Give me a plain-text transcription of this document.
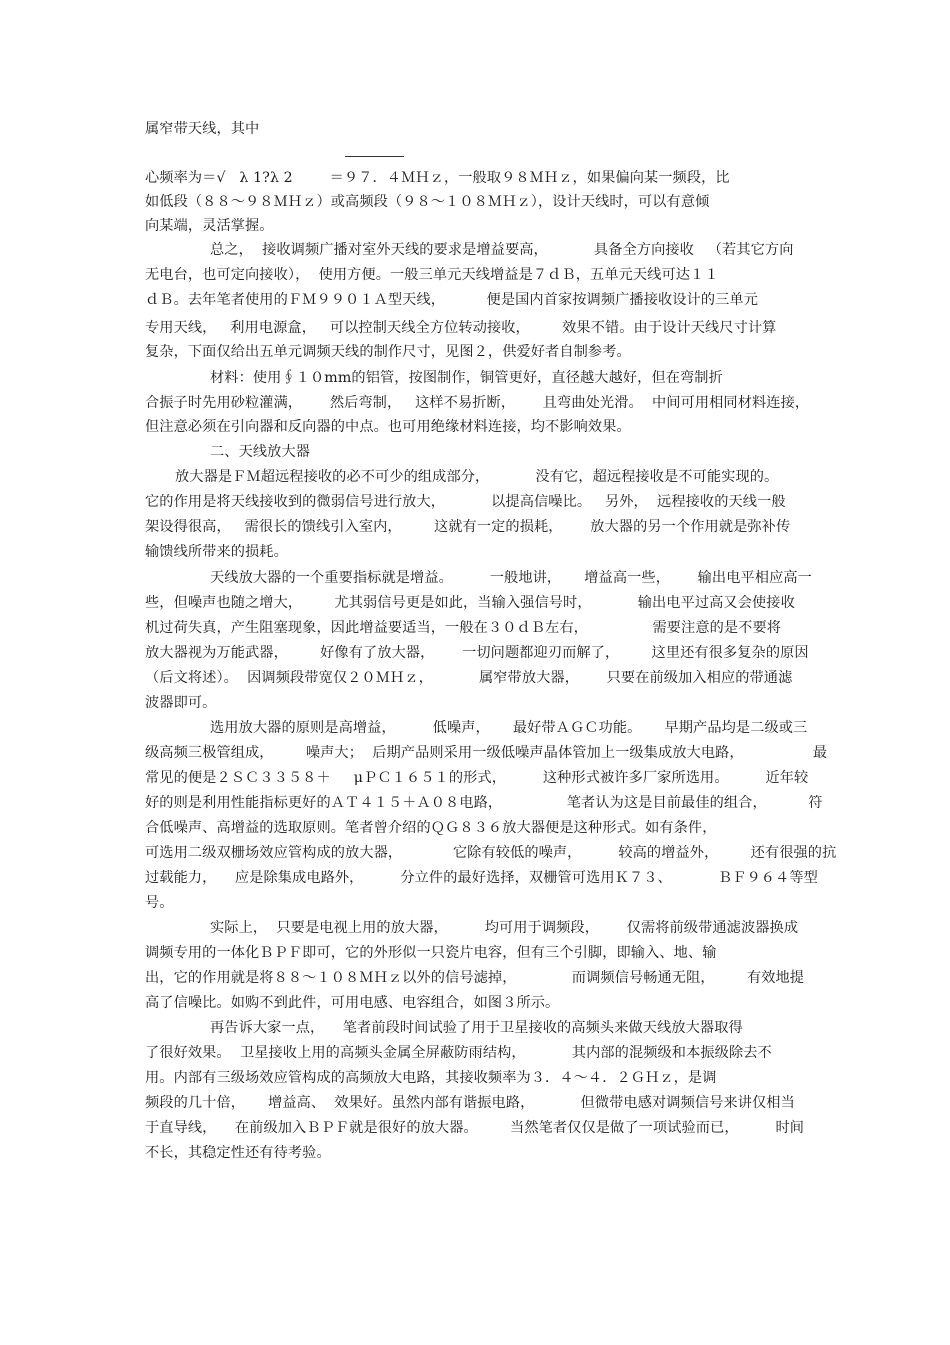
属窄带天线，其中
心频率为＝√   λ 1?λ 2        ＝９７．４ＭＨｚ，一般取９８ＭＨｚ，如果偏向某一频段，比
如低段（８８～９８ＭＨｚ）或高频段（９８～１０８ＭＨｚ），设计天线时，可以有意倾
向某端，灵活掌握。
总之，  接收调频广播对室外天线的要求是增益要高，          具备全方向接收   （若其它方向
无电台，也可定向接收），  使用方便。一般三单元天线增益是７ｄＢ，五单元天线可达１１
ｄＢ。去年笔者使用的ＦＭ９９０１Ａ型天线，         便是国内首家按调频广播接收设计的三单元
专用天线，   利用电源盒，   可以控制天线全方位转动接收，       效果不错。由于设计天线尺寸计算
复杂，下面仅给出五单元调频天线的制作尺寸，见图２，供爱好者自制参考。
材料：使用∮１０mm的铝管，按图制作，铜管更好，直径越大越好，但在弯制折
合振子时先用砂粒灌满，      然后弯制，   这样不易折断，      且弯曲处光滑。  中间可用相同材料连接，
但注意必须在引向器和反向器的中点。也可用绝缘材料连接，均不影响效果。
二、天线放大器
放大器是ＦＭ超远程接收的必不可少的组成部分，          没有它，超远程接收是不可能实现的。
它的作用是将天线接收到的微弱信号进行放大，          以提高信噪比。   另外，  远程接收的天线一般
架设得很高，   需很长的馈线引入室内，       这就有一定的损耗，      放大器的另一个作用就是弥补传
输馈线所带来的损耗。
天线放大器的一个重要指标就是增益。        一般地讲，     增益高一些，      输出电平相应高一
些，但噪声也随之增大，       尤其弱信号更是如此，当输入强信号时，          输出电平过高又会使接收
机过荷失真，产生阻塞现象，因此增益要适当，一般在３０ｄＢ左右，              需要注意的是不要将
放大器视为万能武器，       好像有了放大器，      一切问题都迎刃而解了，       这里还有很多复杂的原因
（后文将述）。  因调频段带宽仅２０ＭＨｚ，          属窄带放大器，      只要在前级加入相应的带通滤
波器即可。
选用放大器的原则是高增益，        低噪声，     最好带ＡＧＣ功能。     早期产品均是二级或三
级高频三极管组成，       噪声大；  后期产品则采用一级低噪声晶体管加上一级集成放大电路，               最
常见的便是２ＳＣ３３５８＋     μＰＣ１６５１的形式，        这种形式被许多厂家所选用。        近年较
好的则是利用性能指标更好的ＡＴ４１５＋Ａ０８电路，              笔者认为这是目前最佳的组合，         符
合低噪声、高增益的选取原则。笔者曾介绍的ＱＧ８３６放大器便是这种形式。如有条件，
可选用二级双栅场效应管构成的放大器，           它除有较低的噪声，        较高的增益外，       还有很强的抗
过载能力，    应是除集成电路外，        分立件的最好选择，双栅管可选用Ｋ７３、          ＢＦ９６４等型
号。
实际上，  只要是电视上用的放大器，        均可用于调频段，      仅需将前级带通滤波器换成
调频专用的一体化ＢＰＦ即可，它的外形似一只瓷片电容，但有三个引脚，即输入、地、输
出，它的作用就是将８８～１０８ＭＨｚ以外的信号滤掉，            而调频信号畅通无阻，       有效地提
高了信噪比。如购不到此件，可用电感、电容组合，如图３所示。
再告诉大家一点，    笔者前段时间试验了用于卫星接收的高频头来做天线放大器取得
了很好效果。  卫星接收上用的高频头金属全屏蔽防雨结构，          其内部的混频级和本振级除去不
用。内部有三级场效应管构成的高频放大电路，其接收频率为３．４～４．２ＧＨｚ，是调
频段的几十倍，     增益高、  效果好。虽然内部有谐振电路，          但微带电感对调频信号来讲仅相当
于直导线，    在前级加入ＢＰＦ就是很好的放大器。       当然笔者仅仅是做了一项试验而已，        时间
不长，其稳定性还有待考验。
